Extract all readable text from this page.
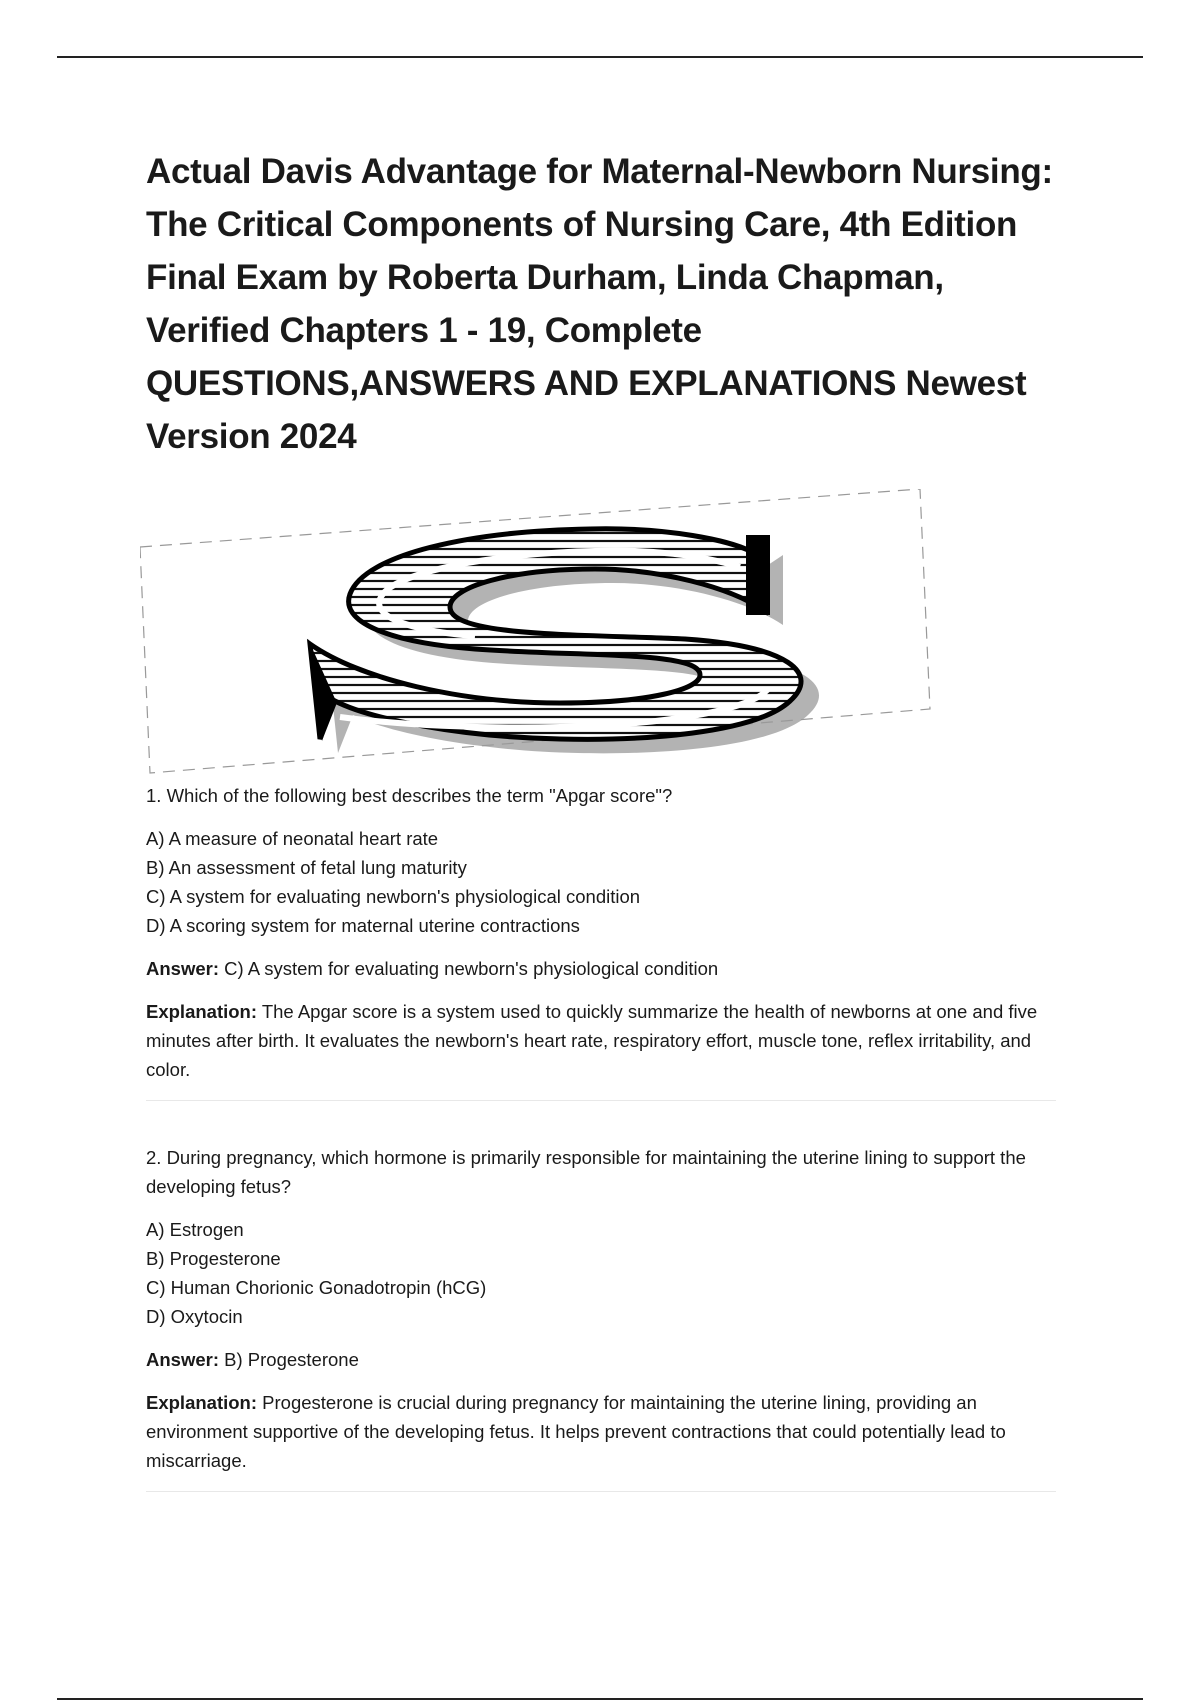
Actual Davis Advantage for Maternal-Newborn Nursing: The Critical Components of Nursing Care, 4th Edition Final Exam by Roberta Durham, Linda Chapman, Verified Chapters 1 - 19, Complete QUESTIONS,ANSWERS AND EXPLANATIONS Newest Version 2024

1. Which of the following best describes the term "Apgar score"?

A) A measure of neonatal heart rate
B) An assessment of fetal lung maturity
C) A system for evaluating newborn's physiological condition
D) A scoring system for maternal uterine contractions

Answer: C) A system for evaluating newborn's physiological condition

Explanation: The Apgar score is a system used to quickly summarize the health of newborns at one and five minutes after birth. It evaluates the newborn's heart rate, respiratory effort, muscle tone, reflex irritability, and color.

2. During pregnancy, which hormone is primarily responsible for maintaining the uterine lining to support the developing fetus?

A) Estrogen
B) Progesterone
C) Human Chorionic Gonadotropin (hCG)
D) Oxytocin

Answer: B) Progesterone

Explanation: Progesterone is crucial during pregnancy for maintaining the uterine lining, providing an environment supportive of the developing fetus. It helps prevent contractions that could potentially lead to miscarriage.
